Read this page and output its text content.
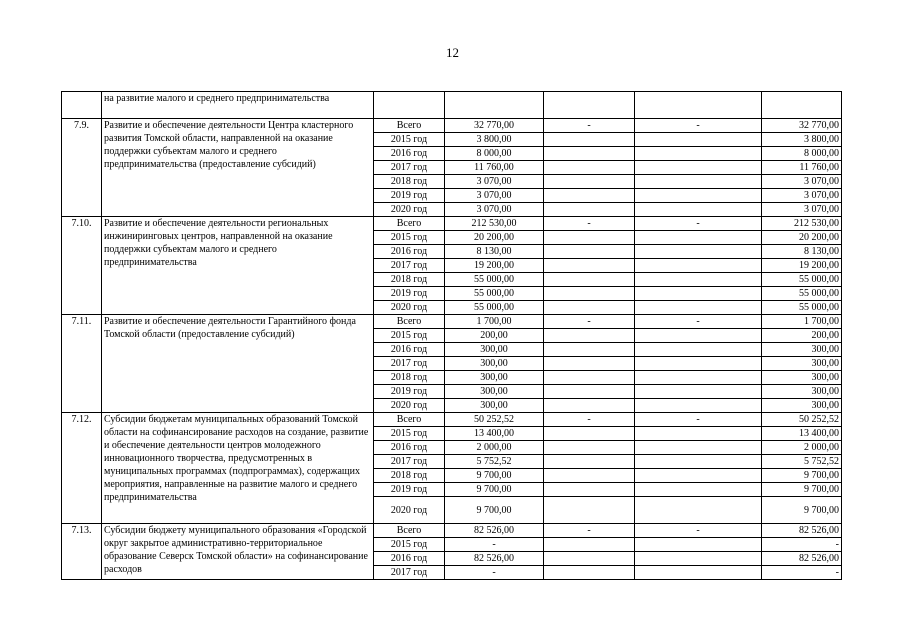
12
	на развитие малого и среднего предпринимательства					
7.9.	Развитие и обеспечение деятельности Центра кластерного развития Томской области, направленной на оказание поддержки субъектам малого и среднего предпринимательства (предоставление субсидий)	Всего	32 770,00	-	-	32 770,00
		2015 год	3 800,00			3 800,00
		2016 год	8 000,00			8 000,00
		2017 год	11 760,00			11 760,00
		2018 год	3 070,00			3 070,00
		2019 год	3 070,00			3 070,00
		2020 год	3 070,00			3 070,00
7.10.	Развитие и обеспечение деятельности региональных инжиниринговых центров, направленной на оказание поддержки субъектам малого и среднего предпринимательства	Всего	212 530,00	-	-	212 530,00
		2015 год	20 200,00			20 200,00
		2016 год	8 130,00			8 130,00
		2017 год	19 200,00			19 200,00
		2018 год	55 000,00			55 000,00
		2019 год	55 000,00			55 000,00
		2020 год	55 000,00			55 000,00
7.11.	Развитие и обеспечение деятельности Гарантийного фонда Томской области (предоставление субсидий)	Всего	1 700,00	-	-	1 700,00
		2015 год	200,00			200,00
		2016 год	300,00			300,00
		2017 год	300,00			300,00
		2018 год	300,00			300,00
		2019 год	300,00			300,00
		2020 год	300,00			300,00
7.12.	Субсидии бюджетам муниципальных образований Томской области на софинансирование расходов на создание, развитие и обеспечение деятельности центров молодежного инновационного творчества, предусмотренных в муниципальных программах (подпрограммах), содержащих мероприятия, направленные на развитие малого и среднего предпринимательства	Всего	50 252,52	-	-	50 252,52
		2015 год	13 400,00			13 400,00
		2016 год	2 000,00			2 000,00
		2017 год	5 752,52			5 752,52
		2018 год	9 700,00			9 700,00
		2019 год	9 700,00			9 700,00
		2020 год	9 700,00			9 700,00
7.13.	Субсидии бюджету муниципального образования «Городской округ закрытое административно-территориальное образование Северск Томской области» на софинансирование расходов	Всего	82 526,00	-	-	82 526,00
		2015 год	-			-
		2016 год	82 526,00			82 526,00
		2017 год	-			-
